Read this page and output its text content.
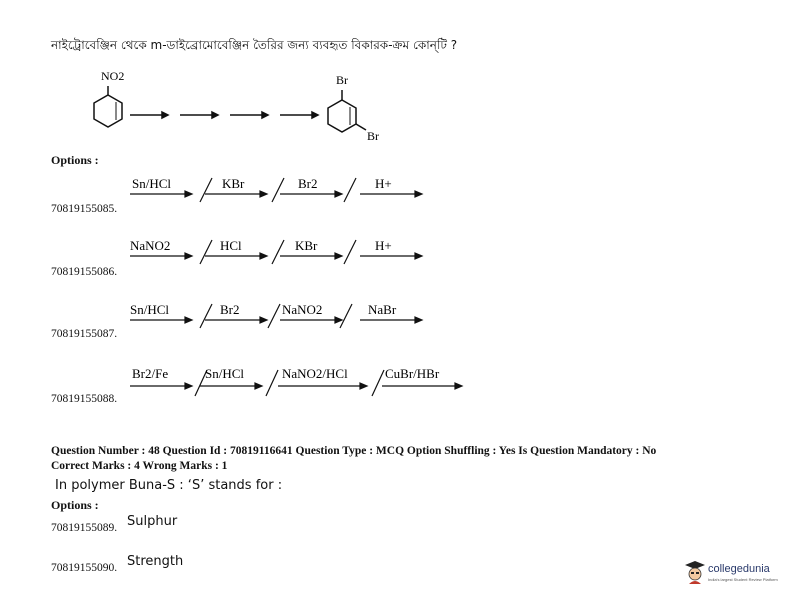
নাইট্রোবেঞ্জিন থেকে m-ডাইব্রোমোবেঞ্জিন তৈরির জন্য ব্যবহৃত বিকারক-ক্রম কোন্‌টি ?
NO2	Br
Br
Options :
Sn/HCl	KBr	Br2	H+
70819155085.
NaNO2	HCl	KBr	H+
70819155086.
Sn/HCl	Br2	NaNO2	NaBr
70819155087.
Br2/Fe	Sn/HCl	NaNO2/HCl	CuBr/HBr
70819155088.
Question Number : 48 Question Id : 70819116641 Question Type : MCQ Option Shuffling : Yes Is Question Mandatory : No
Correct Marks : 4 Wrong Marks : 1
In polymer Buna-S : ‘S’ stands for :
Options :
70819155089. Sulphur
70819155090. Strength	collegedunia
India's largest Student Review Platform
